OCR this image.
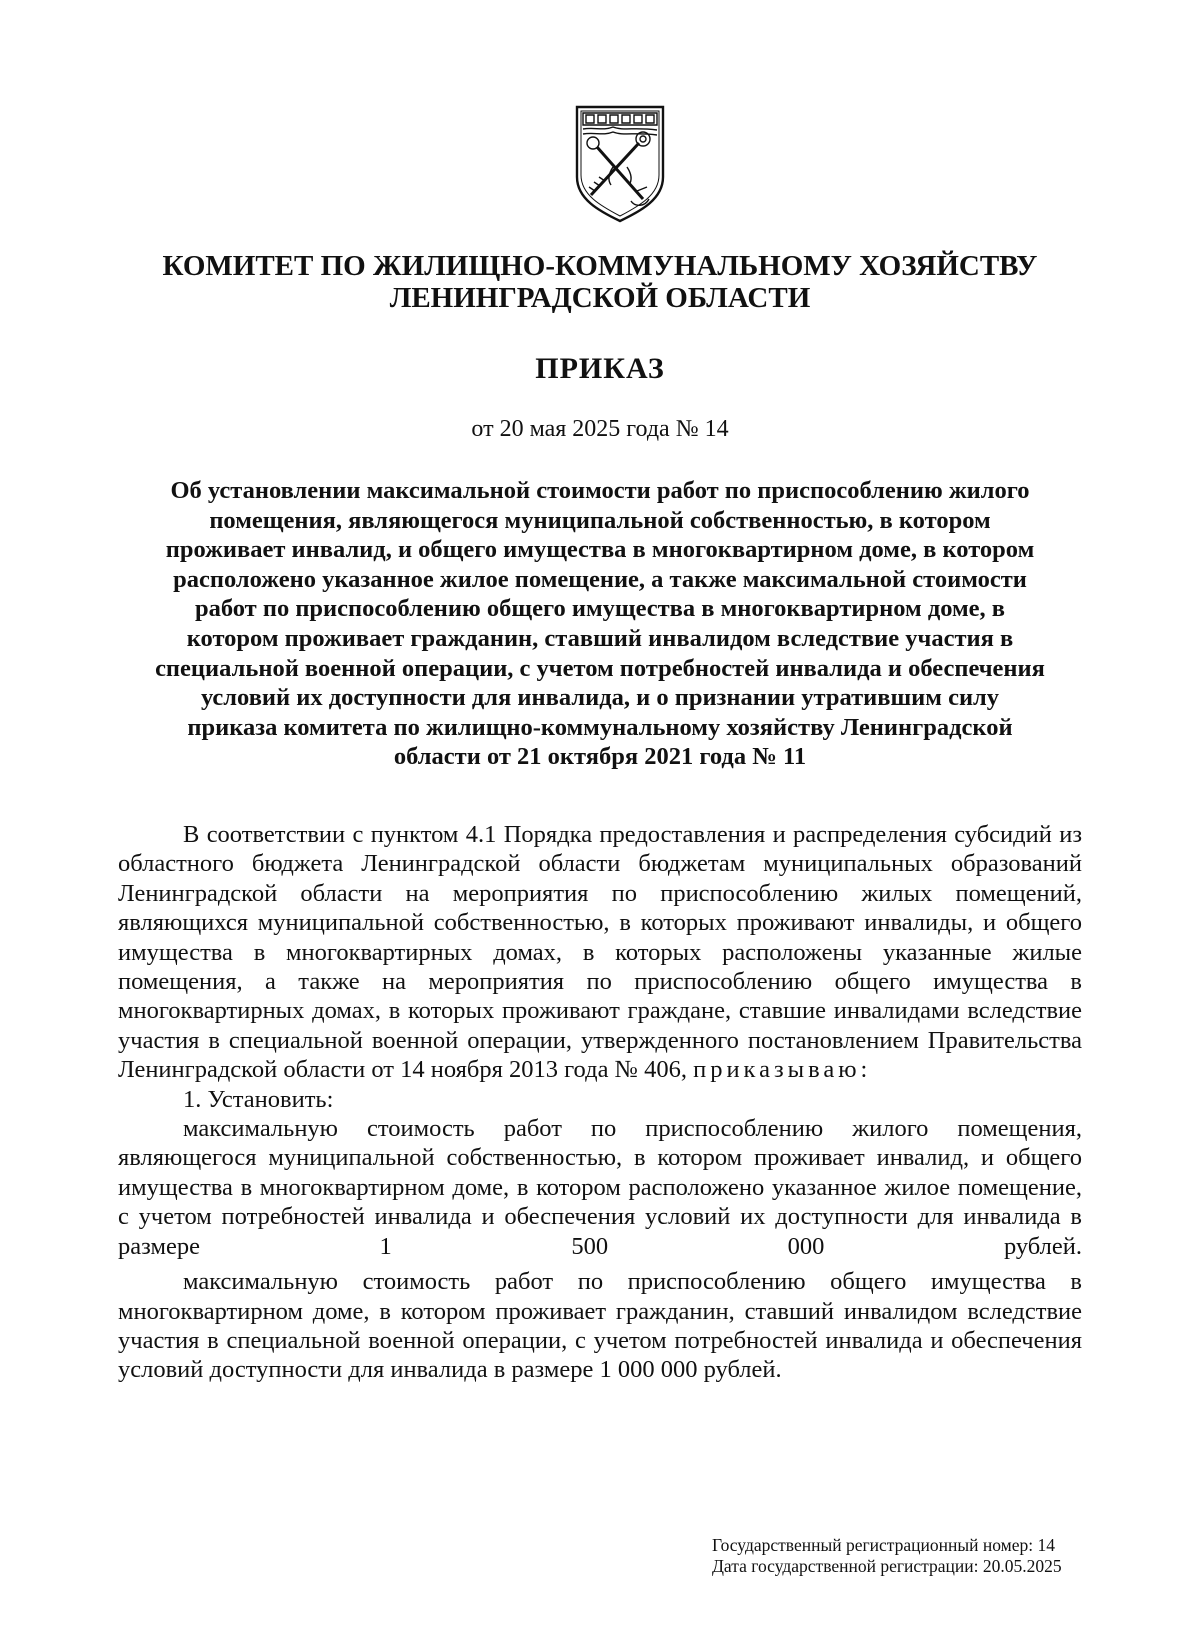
КОМИТЕТ ПО ЖИЛИЩНО-КОММУНАЛЬНОМУ ХОЗЯЙСТВУ
ЛЕНИНГРАДСКОЙ ОБЛАСТИ
ПРИКАЗ
от 20 мая 2025 года № 14
Об установлении максимальной стоимости работ по приспособлению жилого
помещения, являющегося муниципальной собственностью, в котором
проживает инвалид, и общего имущества в многоквартирном доме, в котором
расположено указанное жилое помещение, а также максимальной стоимости
работ по приспособлению общего имущества в многоквартирном доме, в
котором проживает гражданин, ставший инвалидом вследствие участия в
специальной военной операции, с учетом потребностей инвалида и обеспечения
условий их доступности для инвалида, и о признании утратившим силу
приказа комитета по жилищно-коммунальному хозяйству Ленинградской
области от 21 октября 2021 года № 11

В соответствии с пунктом 4.1 Порядка предоставления и распределения субсидий из областного бюджета Ленинградской области бюджетам муниципальных образований Ленинградской области на мероприятия по приспособлению жилых помещений, являющихся муниципальной собственностью, в которых проживают инвалиды, и общего имущества в многоквартирных домах, в которых расположены указанные жилые помещения, а также на мероприятия по приспособлению общего имущества в многоквартирных домах, в которых проживают граждане, ставшие инвалидами вследствие участия в специальной военной операции, утвержденного постановлением Правительства Ленинградской области от 14 ноября 2013 года № 406, приказываю:

1. Установить:

максимальную стоимость работ по приспособлению жилого помещения, являющегося муниципальной собственностью, в котором проживает инвалид, и общего имущества в многоквартирном доме, в котором расположено указанное жилое помещение, с учетом потребностей инвалида и обеспечения условий их доступности для инвалида в размере 1 500 000 рублей.

максимальную стоимость работ по приспособлению общего имущества в многоквартирном доме, в котором проживает гражданин, ставший инвалидом вследствие участия в специальной военной операции, с учетом потребностей инвалида и обеспечения условий доступности для инвалида в размере 1 000 000 рублей.

Государственный регистрационный номер: 14
Дата государственной регистрации: 20.05.2025
